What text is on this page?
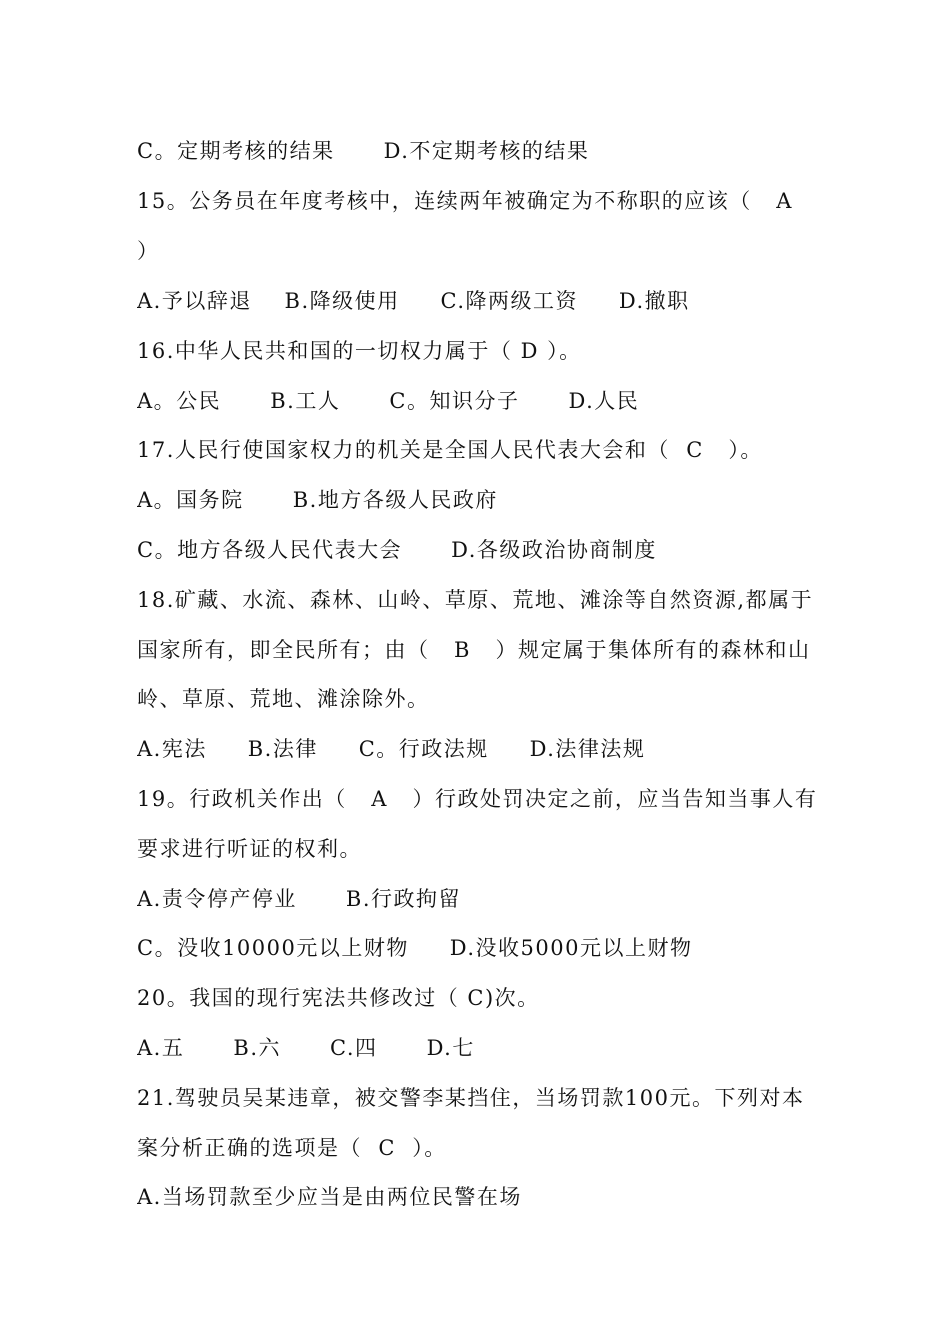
C。定期考核的结果      D.不定期考核的结果
15。公务员在年度考核中，连续两年被确定为不称职的应该（   A
）
A.予以辞退    B.降级使用     C.降两级工资     D.撤职
16.中华人民共和国的一切权力属于（ D ）。
A。公民      B.工人      C。知识分子      D.人民
17.人民行使国家权力的机关是全国人民代表大会和（  C   ）。
A。国务院      B.地方各级人民政府
C。地方各级人民代表大会      D.各级政治协商制度
18.矿藏、水流、森林、山岭、草原、荒地、滩涂等自然资源,都属于
国家所有，即全民所有；由（   B   ）规定属于集体所有的森林和山
岭、草原、荒地、滩涂除外。
A.宪法     B.法律     C。行政法规     D.法律法规
19。行政机关作出（   A   ）行政处罚决定之前，应当告知当事人有
要求进行听证的权利。
A.责令停产停业      B.行政拘留
C。没收10000元以上财物     D.没收5000元以上财物
20。我国的现行宪法共修改过（ C)次。
A.五      B.六      C.四      D.七
21.驾驶员吴某违章，被交警李某挡住，当场罚款100元。下列对本
案分析正确的选项是（  C  ）。
A.当场罚款至少应当是由两位民警在场
